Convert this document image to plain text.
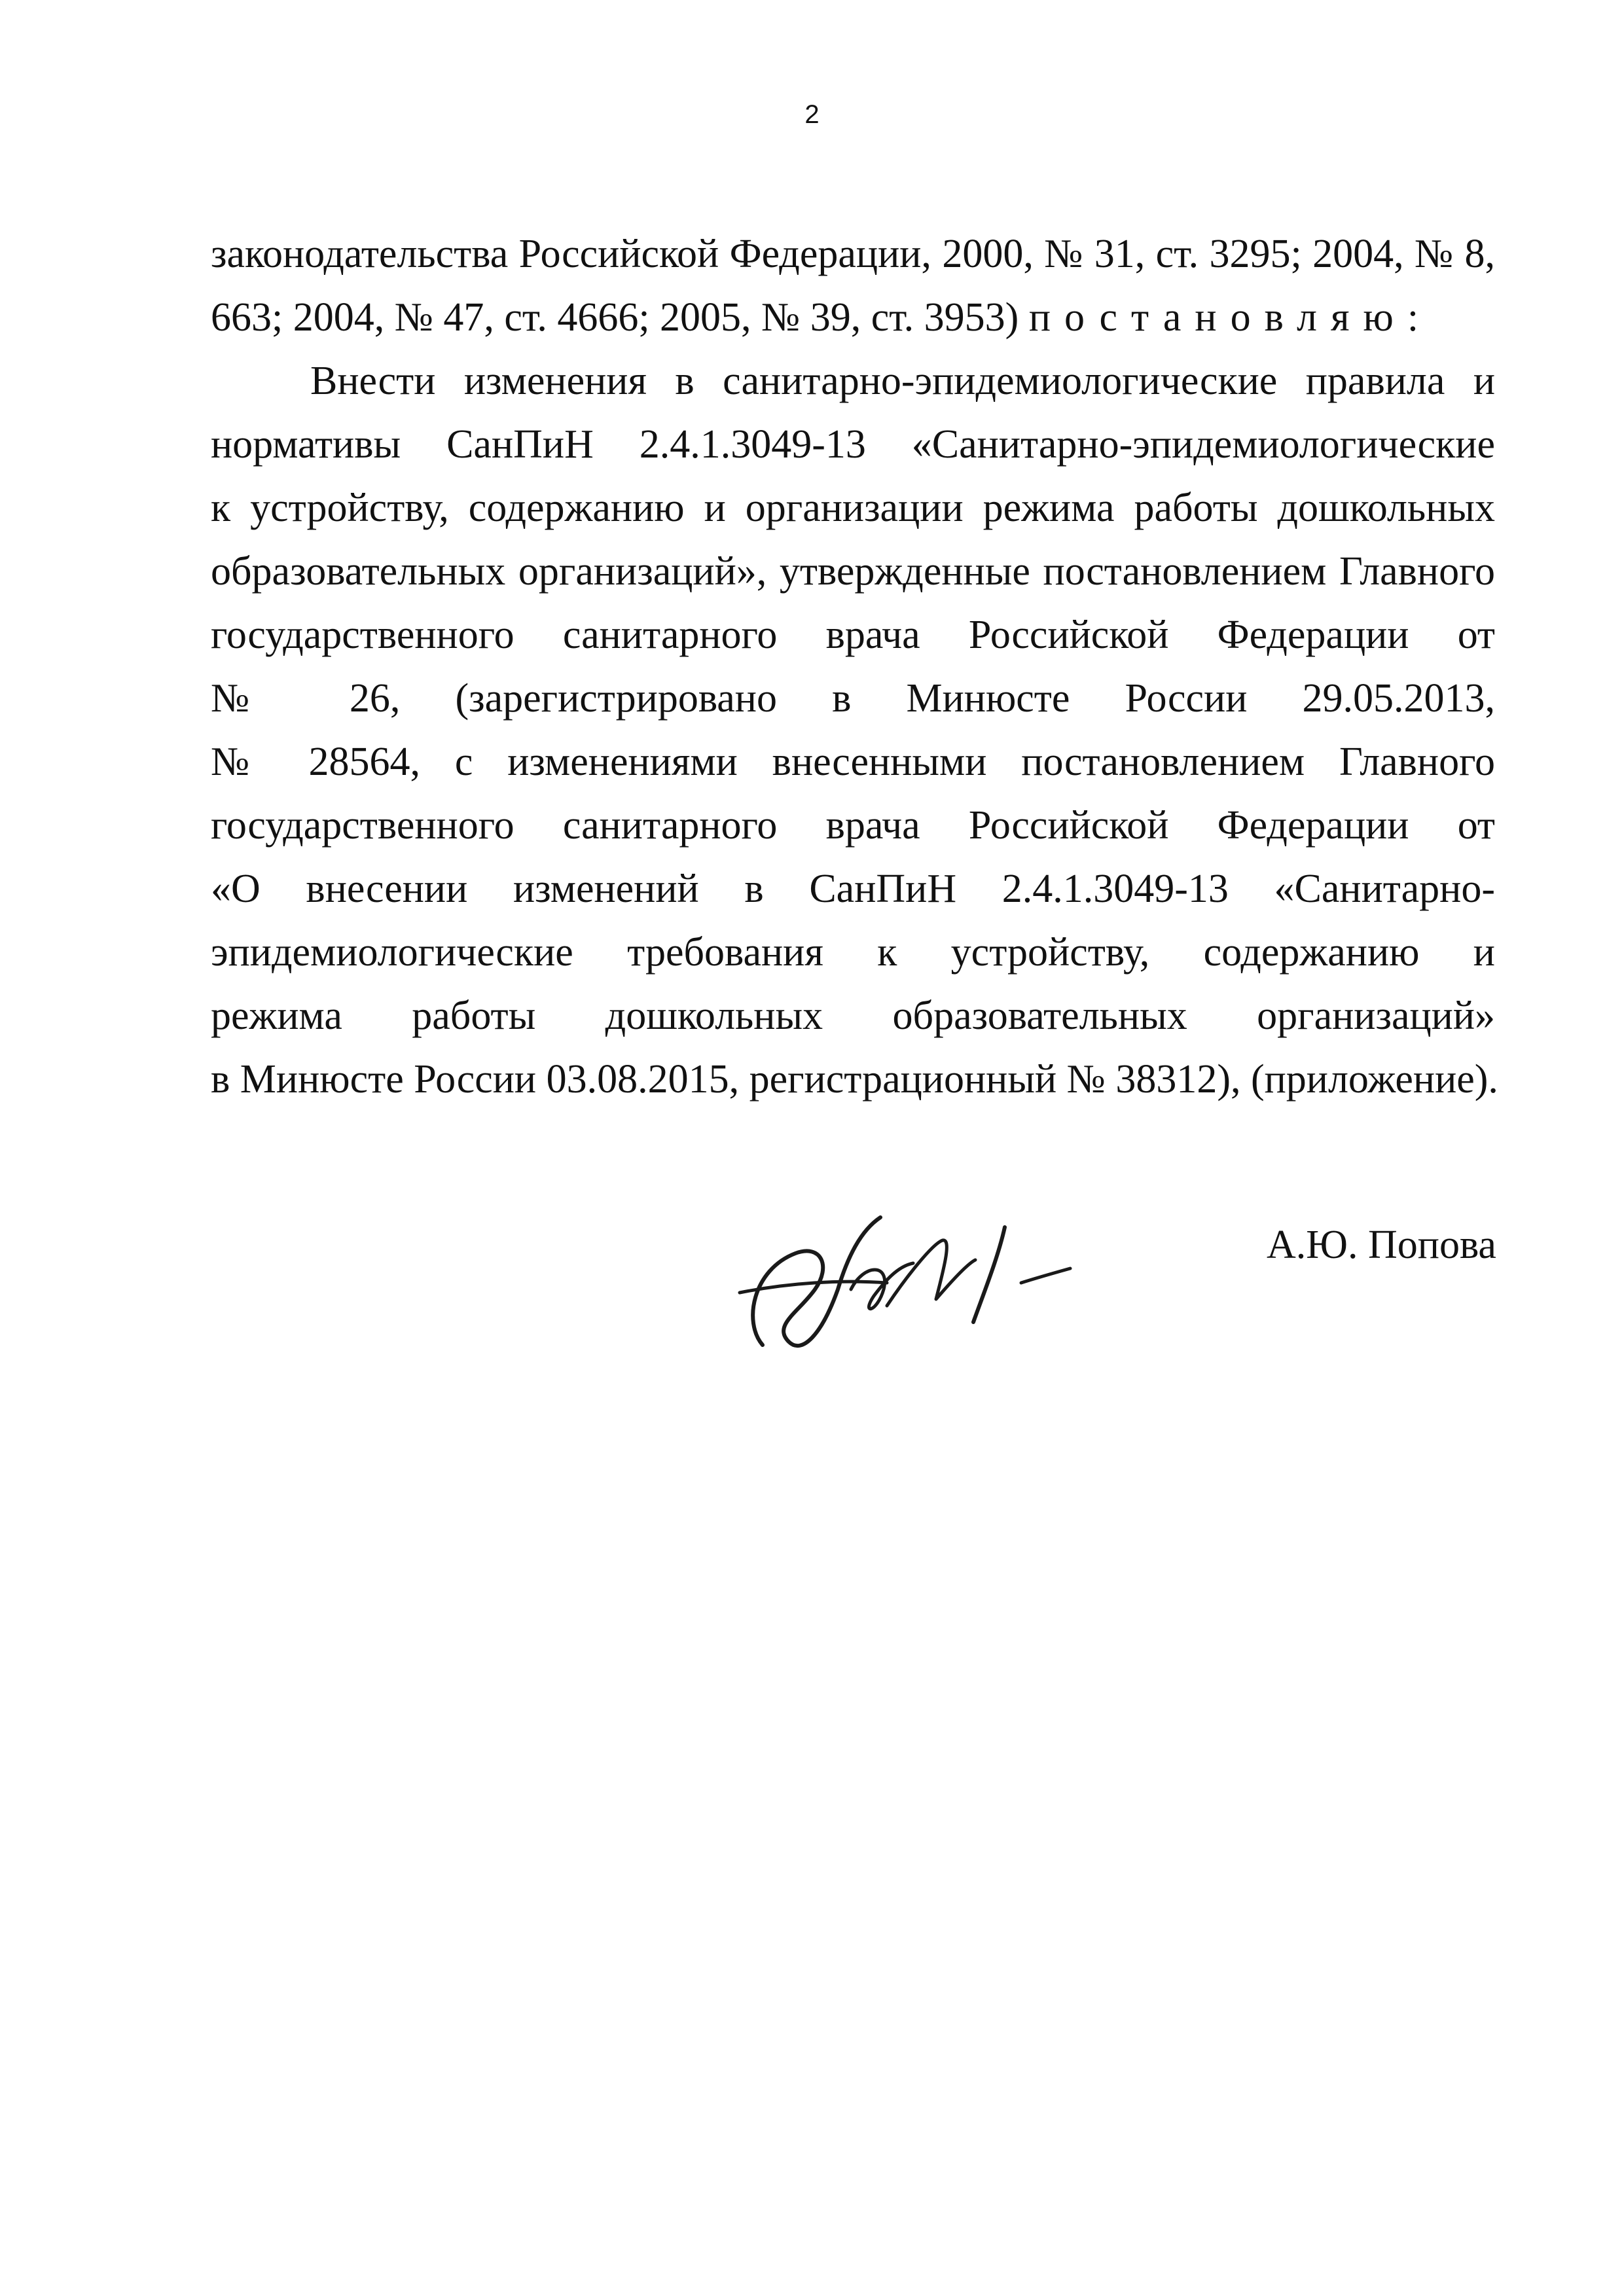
2
законодательства Российской Федерации, 2000, № 31, ст. 3295; 2004, № 8,
663; 2004, № 47, ст. 4666; 2005, № 39, ст. 3953) постановляю:
Внести изменения в санитарно-эпидемиологические правила и
нормативы СанПиН 2.4.1.3049-13 «Санитарно-эпидемиологические
к устройству, содержанию и организации режима работы дошкольных
образовательных организаций», утвержденные постановлением Главного
государственного санитарного врача Российской Федерации от
№ 26, (зарегистрировано в Минюсте России 29.05.2013,
№ 28564, с изменениями внесенными постановлением Главного
государственного санитарного врача Российской Федерации от
«О внесении изменений в СанПиН 2.4.1.3049-13 «Санитарно-
эпидемиологические требования к устройству, содержанию и
режима работы дошкольных образовательных организаций»
в Минюсте России 03.08.2015, регистрационный № 38312), (приложение).
А.Ю. Попова
